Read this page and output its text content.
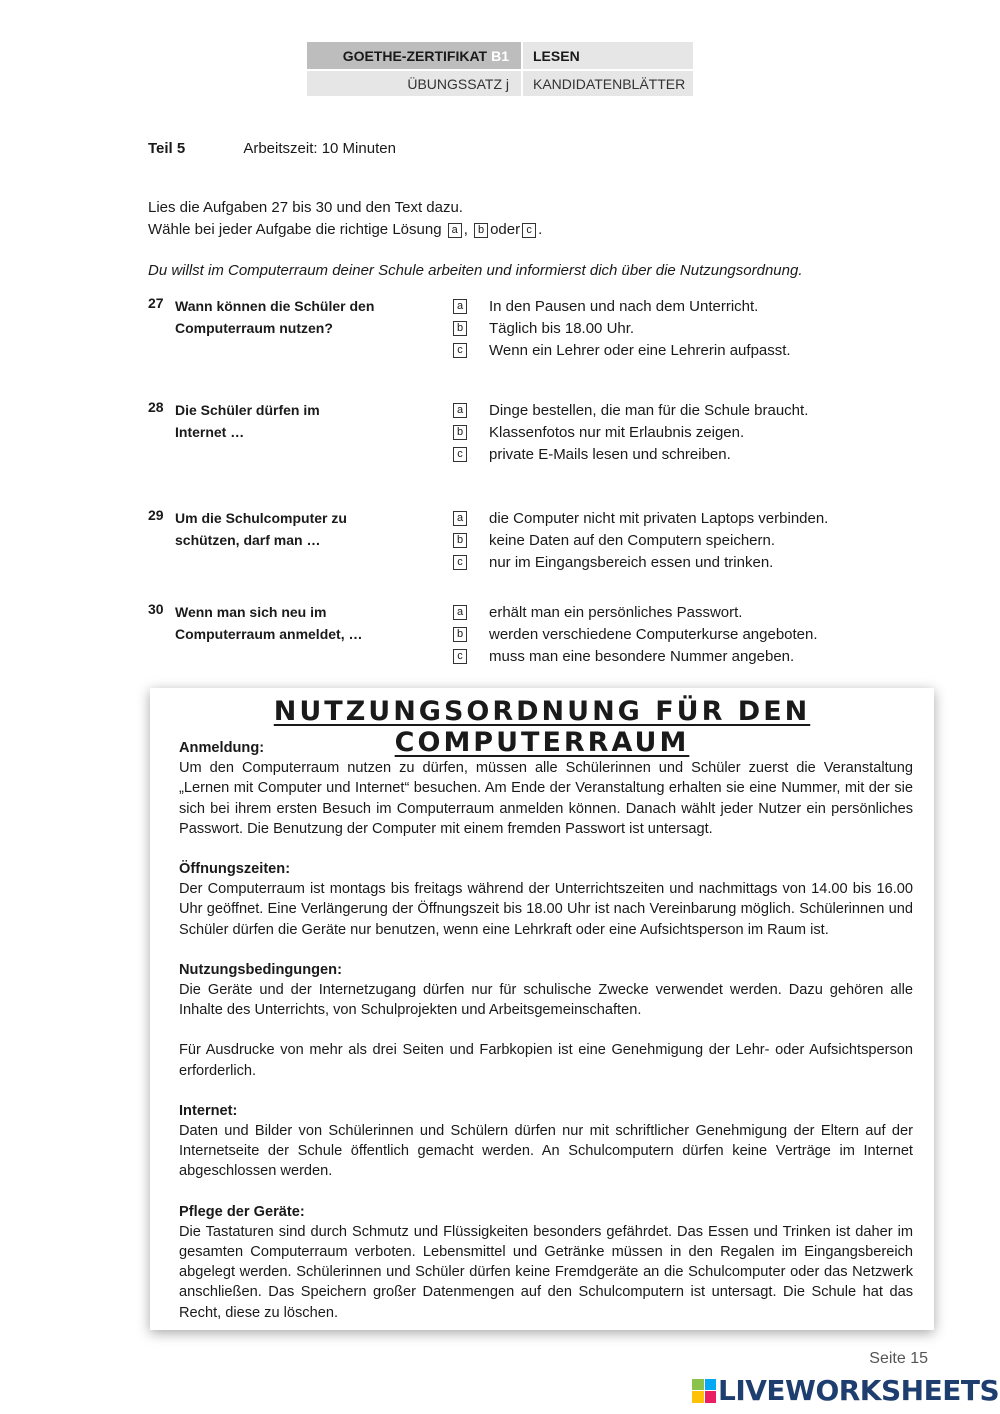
GOETHE-ZERTIFIKAT B1 LESEN
ÜBUNGSSATZ j KANDIDATENBLÄTTER
Teil 5	Arbeitszeit: 10 Minuten
Lies die Aufgaben 27 bis 30 und den Text dazu.
Wähle bei jeder Aufgabe die richtige Lösung a , b oder c .
Du willst im Computerraum deiner Schule arbeiten und informierst dich über die Nutzungsordnung.
27 Wann können die Schüler den
Computerraum nutzen?
a In den Pausen und nach dem Unterricht.
b Täglich bis 18.00 Uhr.
c Wenn ein Lehrer oder eine Lehrerin aufpasst.
28 Die Schüler dürfen im
Internet …
a Dinge bestellen, die man für die Schule braucht.
b Klassenfotos nur mit Erlaubnis zeigen.
c private E-Mails lesen und schreiben.
29 Um die Schulcomputer zu
schützen, darf man …
a die Computer nicht mit privaten Laptops verbinden.
b keine Daten auf den Computern speichern.
c nur im Eingangsbereich essen und trinken.
30 Wenn man sich neu im
Computerraum anmeldet, …
a erhält man ein persönliches Passwort.
b werden verschiedene Computerkurse angeboten.
c muss man eine besondere Nummer angeben.
NUTZUNGSORDNUNG FÜR DEN COMPUTERRAUM
Anmeldung:

Um den Computerraum nutzen zu dürfen, müssen alle Schülerinnen und Schüler zuerst die Veranstaltung „Lernen mit Computer und Internet“ besuchen. Am Ende der Veranstaltung erhalten sie eine Nummer, mit der sie sich bei ihrem ersten Besuch im Computerraum anmelden können. Danach wählt jeder Nutzer ein persönliches Passwort. Die Benutzung der Computer mit einem fremden Passwort ist untersagt.

Öffnungszeiten:

Der Computerraum ist montags bis freitags während der Unterrichtszeiten und nachmittags von 14.00 bis 16.00 Uhr geöffnet. Eine Verlängerung der Öffnungszeit bis 18.00 Uhr ist nach Vereinbarung möglich. Schülerinnen und Schüler dürfen die Geräte nur benutzen, wenn eine Lehrkraft oder eine Aufsichtsperson im Raum ist.

Nutzungsbedingungen:

Die Geräte und der Internetzugang dürfen nur für schulische Zwecke verwendet werden. Dazu gehören alle Inhalte des Unterrichts, von Schulprojekten und Arbeitsgemeinschaften.

Für Ausdrucke von mehr als drei Seiten und Farbkopien ist eine Genehmigung der Lehr- oder Aufsichtsperson erforderlich.

Internet:

Daten und Bilder von Schülerinnen und Schülern dürfen nur mit schriftlicher Genehmigung der Eltern auf der Internetseite der Schule öffentlich gemacht werden. An Schulcomputern dürfen keine Verträge im Internet abgeschlossen werden.

Pflege der Geräte:

Die Tastaturen sind durch Schmutz und Flüssigkeiten besonders gefährdet. Das Essen und Trinken ist daher im gesamten Computerraum verboten. Lebensmittel und Getränke müssen in den Regalen im Eingangsbereich abgelegt werden. Schülerinnen und Schüler dürfen keine Fremdgeräte an die Schulcomputer oder das Netzwerk anschließen. Das Speichern großer Datenmengen auf den Schulcomputern ist untersagt. Die Schule hat das Recht, diese zu löschen.

Seite 15
LIVEWORKSHEETS
